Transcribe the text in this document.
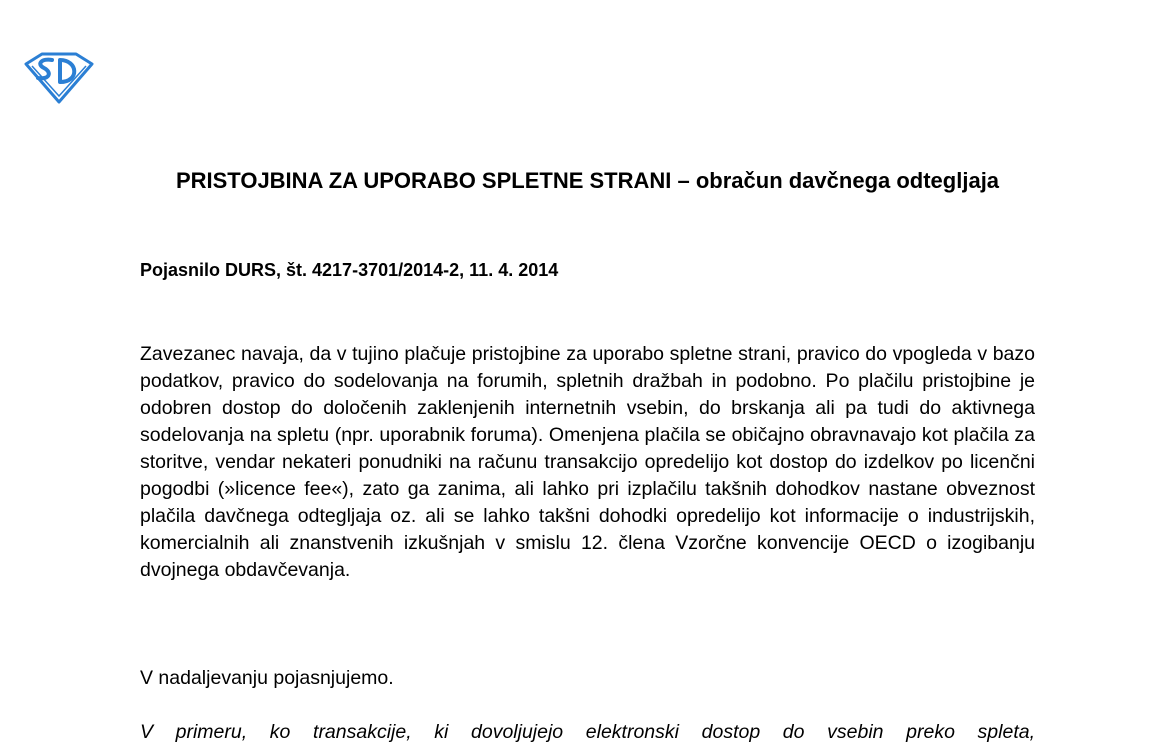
PRISTOJBINA ZA UPORABO SPLETNE STRANI – obračun davčnega odtegljaja

Pojasnilo DURS, št. 4217-3701/2014-2, 11. 4. 2014

Zavezanec navaja, da v tujino plačuje pristojbine za uporabo spletne strani, pravico do vpogleda v bazo podatkov, pravico do sodelovanja na forumih, spletnih dražbah in podobno. Po plačilu pristojbine je odobren dostop do določenih zaklenjenih internetnih vsebin, do brskanja ali pa tudi do aktivnega sodelovanja na spletu (npr. uporabnik foruma). Omenjena plačila se običajno obravnavajo kot plačila za storitve, vendar nekateri ponudniki na računu transakcijo opredelijo kot dostop do izdelkov po licenčni pogodbi (»licence fee«), zato ga zanima, ali lahko pri izplačilu takšnih dohodkov nastane obveznost plačila davčnega odtegljaja oz. ali se lahko takšni dohodki opredelijo kot informacije o industrijskih, komercialnih ali znanstvenih izkušnjah v smislu 12. člena Vzorčne konvencije OECD o izogibanju dvojnega obdavčevanja.

V nadaljevanju pojasnjujemo.

V primeru, ko transakcije, ki dovoljujejo elektronski dostop do vsebin preko spleta,
